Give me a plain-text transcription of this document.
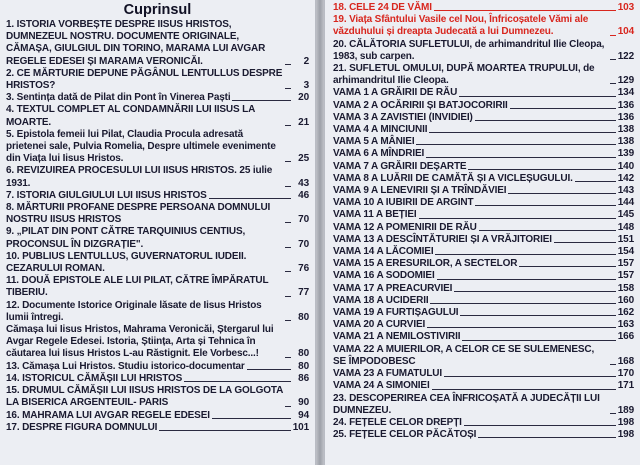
Cuprinsul
1. ISTORIA VORBEȘTE DESPRE IISUS HRISTOS, DUMNEZEUL NOSTRU. DOCUMENTE ORIGINALE, CĂMAȘA, GIULGIUL DIN TORINO, MARAMA LUI AVGAR REGELE EDESEI ȘI MARAMA VERONICĂI.	2
2. CE MĂRTURIE DEPUNE PĂGÂNUL LENTULLUS DESPRE HRISTOS?	3
3. Sentința dată de Pilat din Pont în Vinerea Paști	20
4. TEXTUL COMPLET AL CONDAMNĂRII LUI IISUS LA MOARTE.	21
5. Epistola femeii lui Pilat, Claudia Procula adresată prietenei sale, Pulvia Romelia, Despre ultimele evenimente din Viața lui Iisus Hristos.	25
6. REVIZUIREA PROCESULUI LUI IISUS HRISTOS. 25 iulie 1931.	43
7. ISTORIA GIULGIULUI LUI IISUS HRISTOS	46
8. MĂRTURII PROFANE DESPRE PERSOANA DOMNULUI NOSTRU IISUS HRISTOS	70
9. „PILAT DIN PONT CĂTRE TARQUINIUS CENTIUS, PROCONSUL ÎN DIZGRAȚIE".	70
10. PUBLIUS LENTULLUS, GUVERNATORUL IUDEII. CEZARULUI ROMAN.	76
11. DOUĂ EPISTOLE ALE LUI PILAT, CĂTRE ÎMPĂRATUL TIBERIU.	77
12. Documente Istorice Originale lăsate de Iisus Hristos lumii întregi.	80
Cămașa lui Iisus Hristos, Mahrama Veronicăi, Ștergarul lui Avgar Regele Edesei. Istoria, Știința, Arta și Tehnica în căutarea lui Iisus Hristos L-au Răstignit. Ele Vorbesc...!	80
13. Cămașa Lui Hristos. Studiu istorico-documentar	80
14. ISTORICUL CĂMĂȘII LUI HRISTOS	86
15. DRUMUL CĂMĂȘII LUI IISUS HRISTOS DE LA GOLGOTA LA BISERICA ARGENTEUIL- PARIS	90
16. MAHRAMA LUI AVGAR REGELE EDESEI	94
17. DESPRE FIGURA DOMNULUI	101
18. CELE 24 DE VĂMI	103
19. Viața Sfântului Vasile cel Nou, Înfricoșatele Vămi ale văzduhului și dreapta Judecată a lui Dumnezeu.	104
20. CĂLĂTORIA SUFLETULUI, de arhimandritul Ilie Cleopa, 1983, sub carpen.	122
21. SUFLETUL OMULUI, DUPĂ MOARTEA TRUPULUI, de arhimandritul Ilie Cleopa.	129
VAMA 1 A GRĂIRII DE RĂU	134
VAMA 2 A OCĂRIRII ȘI BATJOCORIRII	136
VAMA 3 A ZAVISTIEI (INVIDIEI)	136
VAMA 4 A MINCIUNII	138
VAMA 5 A MÂNIEI	138
VAMA 6 A MÎNDRIEI	139
VAMA 7 A GRĂIRII DEȘARTE	140
VAMA 8 A LUĂRII DE CAMĂTĂ ȘI A VICLEȘUGULUI.	142
VAMA 9 A LENEVIRII ȘI A TRÎNDĂVIEI	143
VAMA 10 A IUBIRII DE ARGINT	144
VAMA 11 A BEȚIEI	145
VAMA 12 A POMENIRII DE RĂU	148
VAMA 13 A DESCÎNTĂTURIEI ȘI A VRĂJITORIEI	151
VAMA 14 A LĂCOMIEI	154
VAMA 15 A ERESURILOR, A SECTELOR	157
VAMA 16 A SODOMIEI	157
VAMA 17 A PREACURVIEI	158
VAMA 18 A UCIDERII	160
VAMA 19 A FURTIȘAGULUI	162
VAMA 20 A CURVIEI	163
VAMA 21 A NEMILOSTIVIRII	166
VAMA 22 A MUIERILOR, A CELOR CE SE SULEMENESC, SE ÎMPODOBESC	168
VAMA 23 A FUMATULUI	170
VAMA 24 A SIMONIEI	171
23. DESCOPERIREA CEA ÎNFRICOȘATĂ A JUDECĂȚII LUI DUMNEZEU.	189
24. FEȚELE CELOR DREPȚI	198
25. FEȚELE CELOR PĂCĂTOȘI	198
